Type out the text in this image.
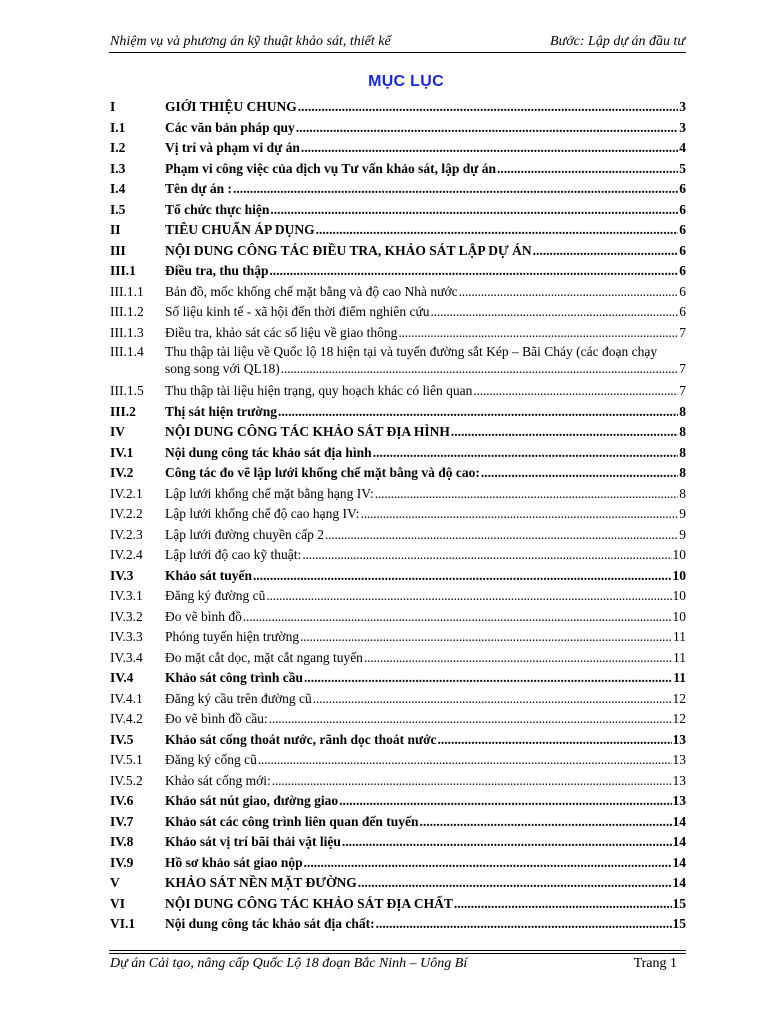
Nhiệm vụ và phương án kỹ thuật khảo sát, thiết kế	Bước: Lập dự án đầu tư
MỤC LỤC
I	GIỚI THIỆU CHUNG .....	3
I.1	Các văn bản pháp quy .....	3
I.2	Vị trí và phạm vi dự án .....	4
I.3	Phạm vi công việc của dịch vụ Tư vấn khảo sát, lập dự án .....	5
I.4	Tên dự án : .....	6
I.5	Tổ chức thực hiện .....	6
II	TIÊU CHUẨN ÁP DỤNG .....	6
III	NỘI DUNG CÔNG TÁC ĐIỀU TRA, KHẢO SÁT LẬP DỰ ÁN .....	6
III.1 Điều tra, thu thập .....	6
III.1.1 Bản đồ, mốc khống chế mặt bằng và độ cao Nhà nước .....	6
III.1.2 Số liệu kinh tế - xã hội đến thời điểm nghiên cứu .....	6
III.1.3 Điều tra, khảo sát các số liệu về giao thông .....	7
III.1.4 Thu thập tài liệu về Quốc lộ 18 hiện tại và tuyến đường sắt Kép – Bãi Cháy (các đoạn chạy
song song với QL18) .....	7
III.1.5 Thu thập tài liệu hiện trạng, quy hoạch khác có liên quan .....	7
III.2 Thị sát hiện trường .....	8
IV	NỘI DUNG CÔNG TÁC KHẢO SÁT ĐỊA HÌNH .....	8
IV.1 Nội dung công tác khảo sát địa hình .....	8
IV.2 Công tác đo vẽ lập lưới khống chế mặt bằng và độ cao: .....	8
IV.2.1 Lập lưới khống chế mặt bằng hạng IV: .....	8
IV.2.2 Lập lưới khống chế độ cao hạng IV: .....	9
IV.2.3 Lập lưới đường chuyền cấp 2 .....	9
IV.2.4 Lập lưới độ cao kỹ thuật: .....	10
IV.3 Khảo sát tuyến .....	10
IV.3.1 Đăng ký đường cũ .....	10
IV.3.2 Đo vẽ bình đồ .....	10
IV.3.3 Phóng tuyến hiện trường .....	11
IV.3.4 Đo mặt cắt dọc, mặt cắt ngang tuyến .....	11
IV.4 Khảo sát công trình cầu .....	11
IV.4.1 Đăng ký cầu trên đường cũ .....	12
IV.4.2 Đo vẽ bình đồ cầu: .....	12
IV.5 Khảo sát cống thoát nước, rãnh dọc thoát nước .....	13
IV.5.1 Đăng ký cống cũ .....	13
IV.5.2 Khảo sát cống mới: .....	13
IV.6 Khảo sát nút giao, đường giao .....	13
IV.7 Khảo sát các công trình liên quan đến tuyến .....	14
IV.8 Khảo sát vị trí bãi thải vật liệu .....	14
IV.9 Hồ sơ khảo sát giao nộp .....	14
V	KHẢO SÁT NỀN MẶT ĐƯỜNG .....	14
VI	NỘI DUNG CÔNG TÁC KHẢO SÁT ĐỊA CHẤT .....	15
VI.1 Nội dung công tác khảo sát địa chất: .....	15
Dự án Cải tạo, nâng cấp Quốc Lộ 18 đoạn Bắc Ninh – Uông Bí	Trang 1
